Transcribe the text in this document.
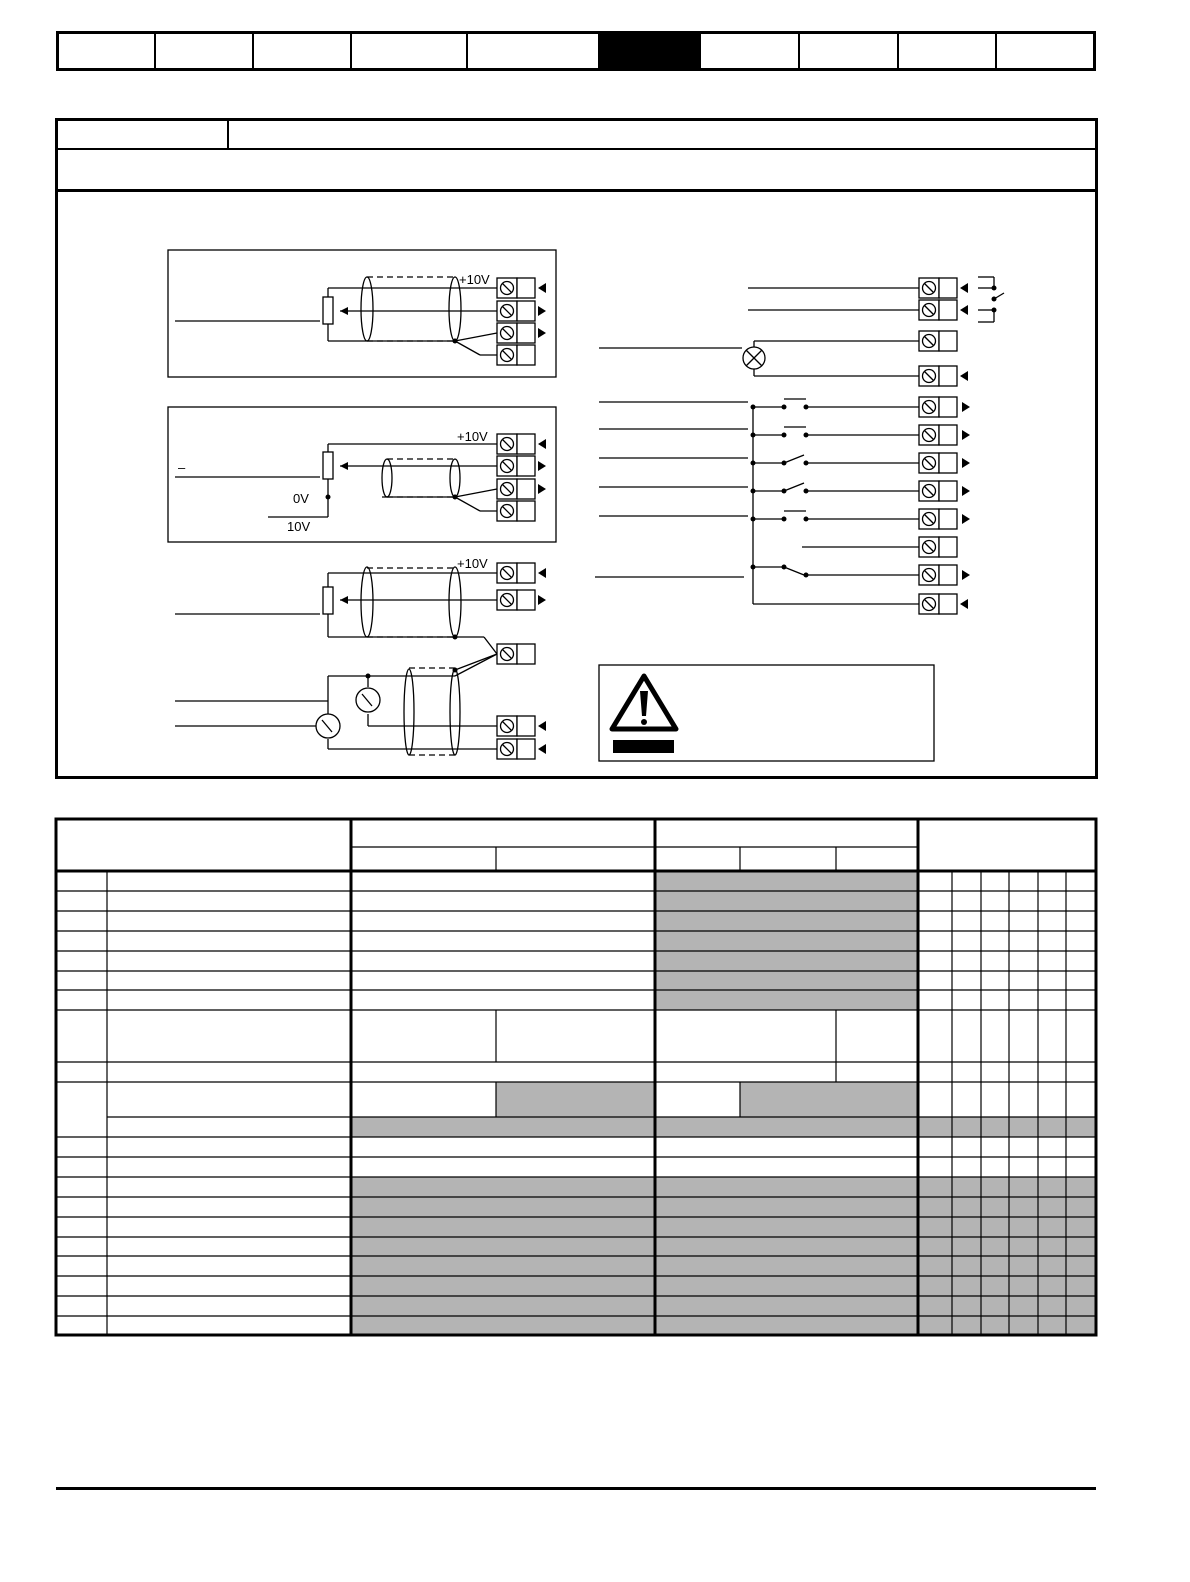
+10V
+10V
+10V
0V
10V
–
